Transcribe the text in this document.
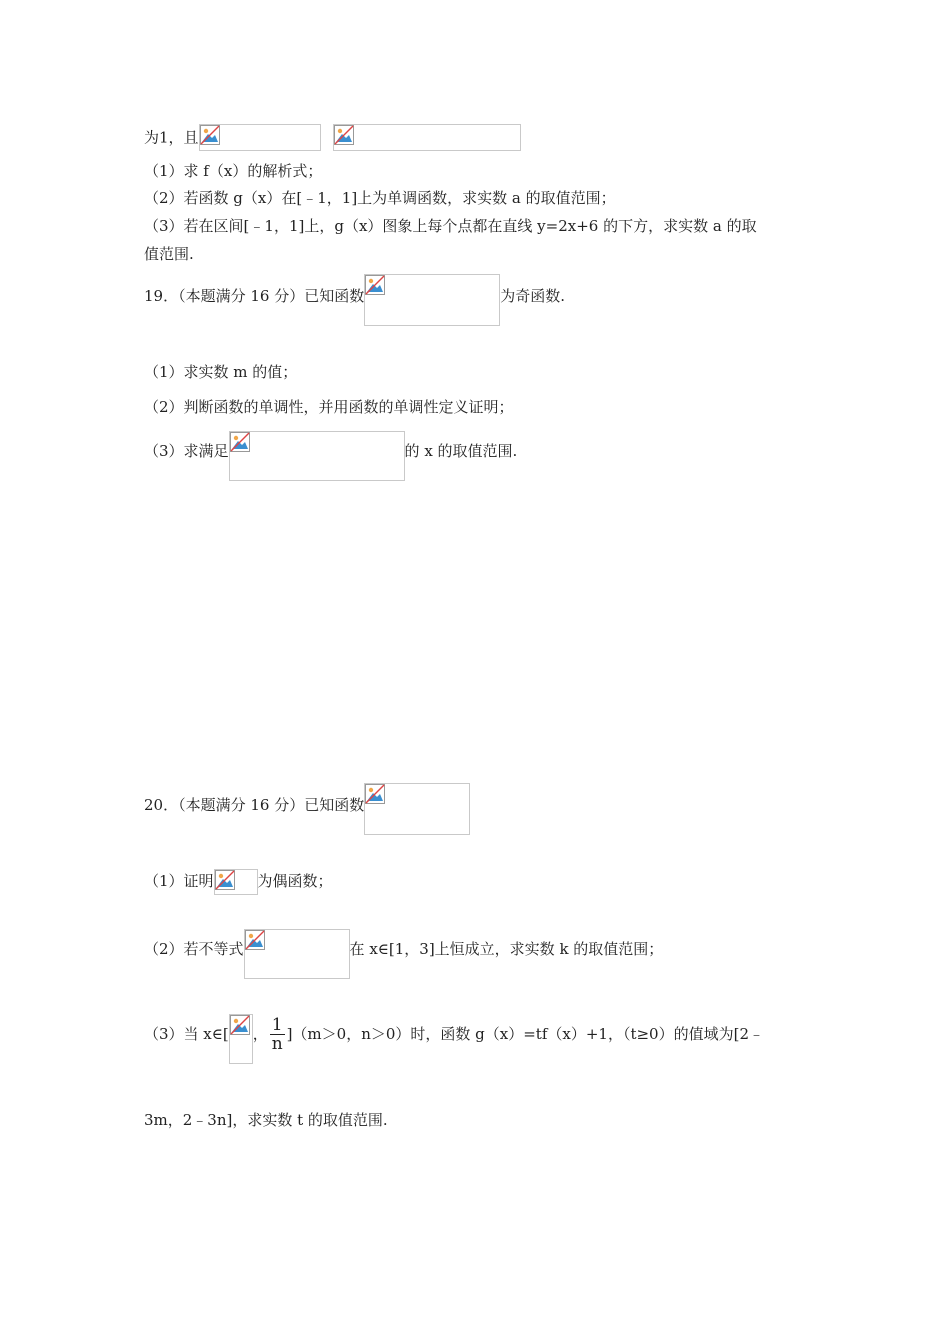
为1，且

（1）求 f（x）的解析式；
（2）若函数 g（x）在[﹣1，1]上为单调函数，求实数 a 的取值范围；
（3）若在区间[﹣1，1]上，g（x）图象上每个点都在直线 y=2x+6 的下方，求实数 a 的取
值范围.
19．（本题满分 16 分）已知函数	为奇函数.
（1）求实数 m 的值；
（2）判断函数的单调性，并用函数的单调性定义证明；
（3）求满足	的 x 的取值范围.
20．（本题满分 16 分）已知函数
（1）证明	为偶函数；
（2）若不等式	在 x∈[1，3]上恒成立，求实数 k 的取值范围；
（3）当 x∈[ ， $\frac{1}{n} ](m>0$，n＞0）时，函数 g（x）=tf（x）+1，（t≥0）的值域为[2﹣
3m，2﹣3n]，求实数 t 的取值范围.
